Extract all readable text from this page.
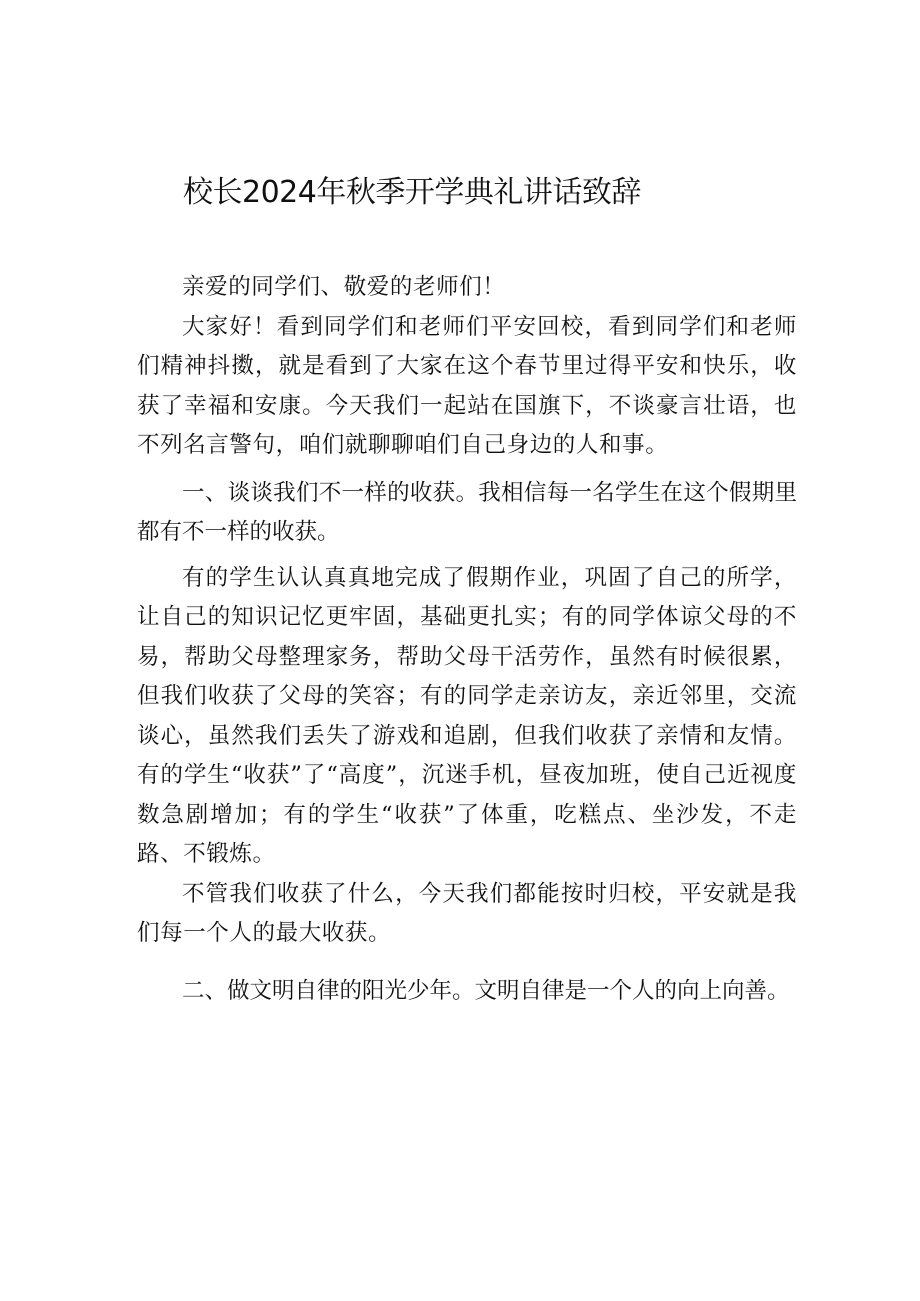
校长2024年秋季开学典礼讲话致辞

亲爱的同学们、敬爱的老师们！

大家好！看到同学们和老师们平安回校，看到同学们和老师们精神抖擞，就是看到了大家在这个春节里过得平安和快乐，收获了幸福和安康。今天我们一起站在国旗下，不谈豪言壮语，也不列名言警句，咱们就聊聊咱们自己身边的人和事。

一、谈谈我们不一样的收获。我相信每一名学生在这个假期里都有不一样的收获。

有的学生认认真真地完成了假期作业，巩固了自己的所学，让自己的知识记忆更牢固，基础更扎实；有的同学体谅父母的不易，帮助父母整理家务，帮助父母干活劳作，虽然有时候很累，但我们收获了父母的笑容；有的同学走亲访友，亲近邻里，交流谈心，虽然我们丢失了游戏和追剧，但我们收获了亲情和友情。有的学生“收获”了“高度”，沉迷手机，昼夜加班，使自己近视度数急剧增加；有的学生“收获”了体重，吃糕点、坐沙发，不走路、不锻炼。

不管我们收获了什么，今天我们都能按时归校，平安就是我们每一个人的最大收获。

二、做文明自律的阳光少年。文明自律是一个人的向上向善。
